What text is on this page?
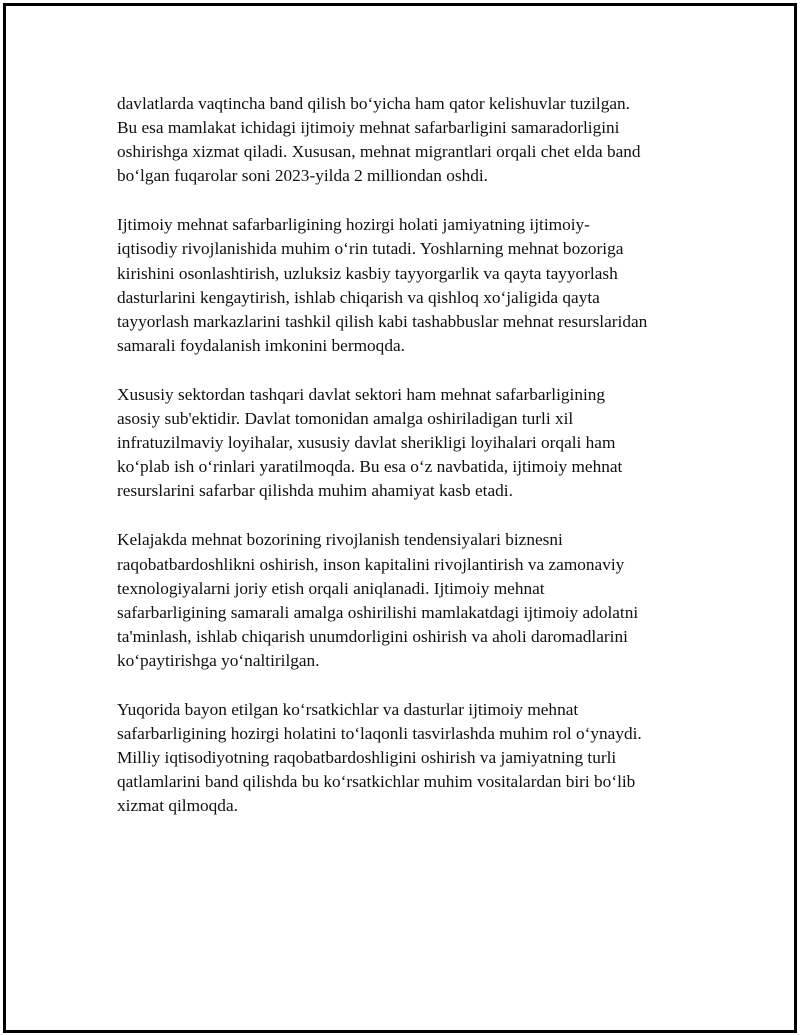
davlatlarda vaqtincha band qilish bo‘yicha ham qator kelishuvlar tuzilgan.
Bu esa mamlakat ichidagi ijtimoiy mehnat safarbarligini samaradorligini
oshirishga xizmat qiladi. Xususan, mehnat migrantlari orqali chet elda band
bo‘lgan fuqarolar soni 2023-yilda 2 milliondan oshdi.

Ijtimoiy mehnat safarbarligining hozirgi holati jamiyatning ijtimoiy-
iqtisodiy rivojlanishida muhim o‘rin tutadi. Yoshlarning mehnat bozoriga
kirishini osonlashtirish, uzluksiz kasbiy tayyorgarlik va qayta tayyorlash
dasturlarini kengaytirish, ishlab chiqarish va qishloq xo‘jaligida qayta
tayyorlash markazlarini tashkil qilish kabi tashabbuslar mehnat resurslaridan
samarali foydalanish imkonini bermoqda.

Xususiy sektordan tashqari davlat sektori ham mehnat safarbarligining
asosiy sub'ektidir. Davlat tomonidan amalga oshiriladigan turli xil
infratuzilmaviy loyihalar, xususiy davlat sherikligi loyihalari orqali ham
ko‘plab ish o‘rinlari yaratilmoqda. Bu esa o‘z navbatida, ijtimoiy mehnat
resurslarini safarbar qilishda muhim ahamiyat kasb etadi.

Kelajakda mehnat bozorining rivojlanish tendensiyalari biznesni
raqobatbardoshlikni oshirish, inson kapitalini rivojlantirish va zamonaviy
texnologiyalarni joriy etish orqali aniqlanadi. Ijtimoiy mehnat
safarbarligining samarali amalga oshirilishi mamlakatdagi ijtimoiy adolatni
ta'minlash, ishlab chiqarish unumdorligini oshirish va aholi daromadlarini
ko‘paytirishga yo‘naltirilgan.

Yuqorida bayon etilgan ko‘rsatkichlar va dasturlar ijtimoiy mehnat
safarbarligining hozirgi holatini to‘laqonli tasvirlashda muhim rol o‘ynaydi.
Milliy iqtisodiyotning raqobatbardoshligini oshirish va jamiyatning turli
qatlamlarini band qilishda bu ko‘rsatkichlar muhim vositalardan biri bo‘lib
xizmat qilmoqda.
